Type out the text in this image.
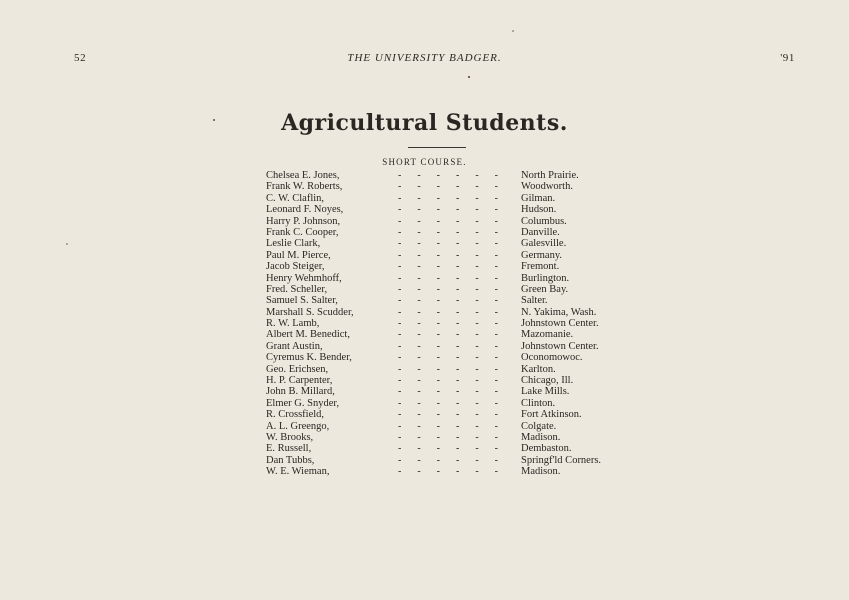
52	THE UNIVERSITY BADGER.	'91
Agricultural Students.
SHORT COURSE.
Chelsea E. Jones,	------ North Prairie.
Frank W. Roberts,	------ Woodworth.
C. W. Claflin,	------ Gilman.
Leonard F. Noyes,	------ Hudson.
Harry P. Johnson,	------ Columbus.
Frank C. Cooper,	------ Danville.
Leslie Clark,	------ Galesville.
Paul M. Pierce,	------ Germany.
Jacob Steiger,	------ Fremont.
Henry Wehmhoff,	------ Burlington.
Fred. Scheller,	------ Green Bay.
Samuel S. Salter,	------ Salter.
Marshall S. Scudder,	------ N. Yakima, Wash.
R. W. Lamb,	------ Johnstown Center.
Albert M. Benedict,	------ Mazomanie.
Grant Austin,	------ Johnstown Center.
Cyremus K. Bender,	------ Oconomowoc.
Geo. Erichsen,	------ Karlton.
H. P. Carpenter,	------ Chicago, Ill.
John B. Millard,	------ Lake Mills.
Elmer G. Snyder,	------ Clinton.
R. Crossfield,	------ Fort Atkinson.
A. L. Greengo,	------ Colgate.
W. Brooks,	------ Madison.
E. Russell,	------ Dembaston.
Dan Tubbs,	------ Springf'ld Corners.
W. E. Wieman,	------ Madison.
